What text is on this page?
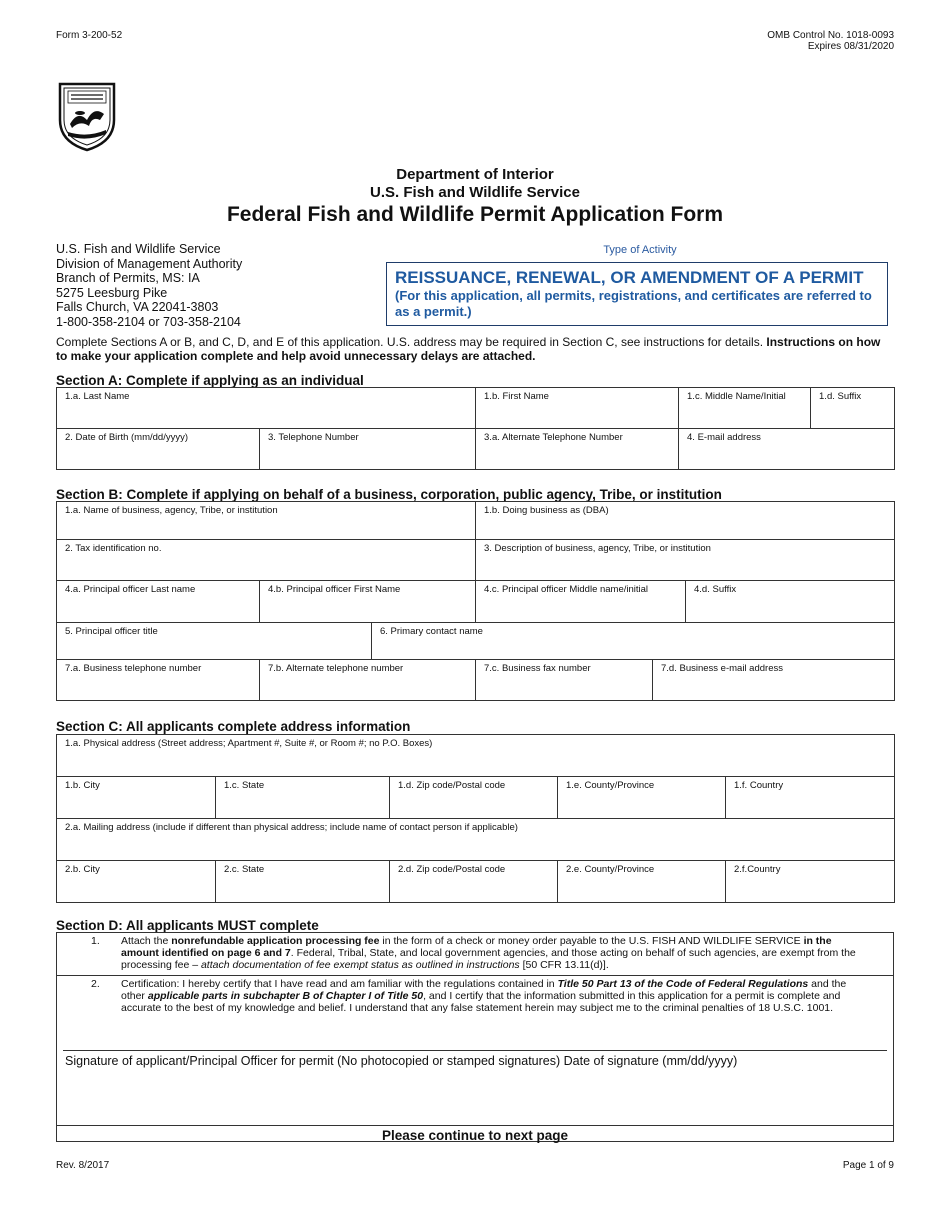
Form 3-200-52	OMB Control No. 1018-0093
Expires 08/31/2020
Department of Interior
U.S. Fish and Wildlife Service
Federal Fish and Wildlife Permit Application Form
U.S. Fish and Wildlife Service
Division of Management Authority
Branch of Permits, MS: IA
5275 Leesburg Pike
Falls Church, VA 22041-3803
1-800-358-2104 or 703-358-2104
Type of Activity
REISSUANCE, RENEWAL, OR AMENDMENT OF A PERMIT
(For this application, all permits, registrations, and certificates are referred to as a permit.)
Complete Sections A or B, and C, D, and E of this application. U.S. address may be required in Section C, see instructions for details. Instructions on how to make your application complete and help avoid unnecessary delays are attached.
Section A: Complete if applying as an individual
1.a. Last Name		1.b. First Name	1.c. Middle Name/Initial	1.d. Suffix
2. Date of Birth (mm/dd/yyyy)	3. Telephone Number	3.a. Alternate Telephone Number	4. E-mail address	
Section B: Complete if applying on behalf of a business, corporation, public agency, Tribe, or institution
1.a. Name of business, agency, Tribe, or institution			1.b. Doing business as (DBA)		
2. Tax identification no.			3. Description of business, agency, Tribe, or institution		
4.a. Principal officer Last name	4.b. Principal officer First Name		4.c. Principal officer Middle name/initial		4.d. Suffix
5. Principal officer title		6. Primary contact name			
7.a. Business telephone number	7.b. Alternate telephone number		7.c. Business fax number	7.d. Business e-mail address	
Section C: All applicants complete address information
1.a. Physical address (Street address; Apartment #, Suite #, or Room #; no P.O. Boxes)				
1.b. City	1.c. State	1.d. Zip code/Postal code	1.e. County/Province	1.f. Country
2.a. Mailing address (include if different than physical address; include name of contact person if applicable)				
2.b. City	2.c. State	2.d. Zip code/Postal code	2.e. County/Province	2.f.Country
Section D: All applicants MUST complete
1. Attach the nonrefundable application processing fee in the form of a check or money order payable to the U.S. FISH AND WILDLIFE SERVICE in the amount identified on page 6 and 7. Federal, Tribal, State, and local government agencies, and those acting on behalf of such agencies, are exempt from the processing fee – attach documentation of fee exempt status as outlined in instructions [50 CFR 13.11(d)].
2. Certification: I hereby certify that I have read and am familiar with the regulations contained in Title 50 Part 13 of the Code of Federal Regulations and the other applicable parts in subchapter B of Chapter I of Title 50, and I certify that the information submitted in this application for a permit is complete and accurate to the best of my knowledge and belief. I understand that any false statement herein may subject me to the criminal penalties of 18 U.S.C. 1001.
Signature of applicant/Principal Officer for permit (No photocopied or stamped signatures) Date of signature (mm/dd/yyyy)
Please continue to next page
Rev. 8/2017	Page 1 of 9
